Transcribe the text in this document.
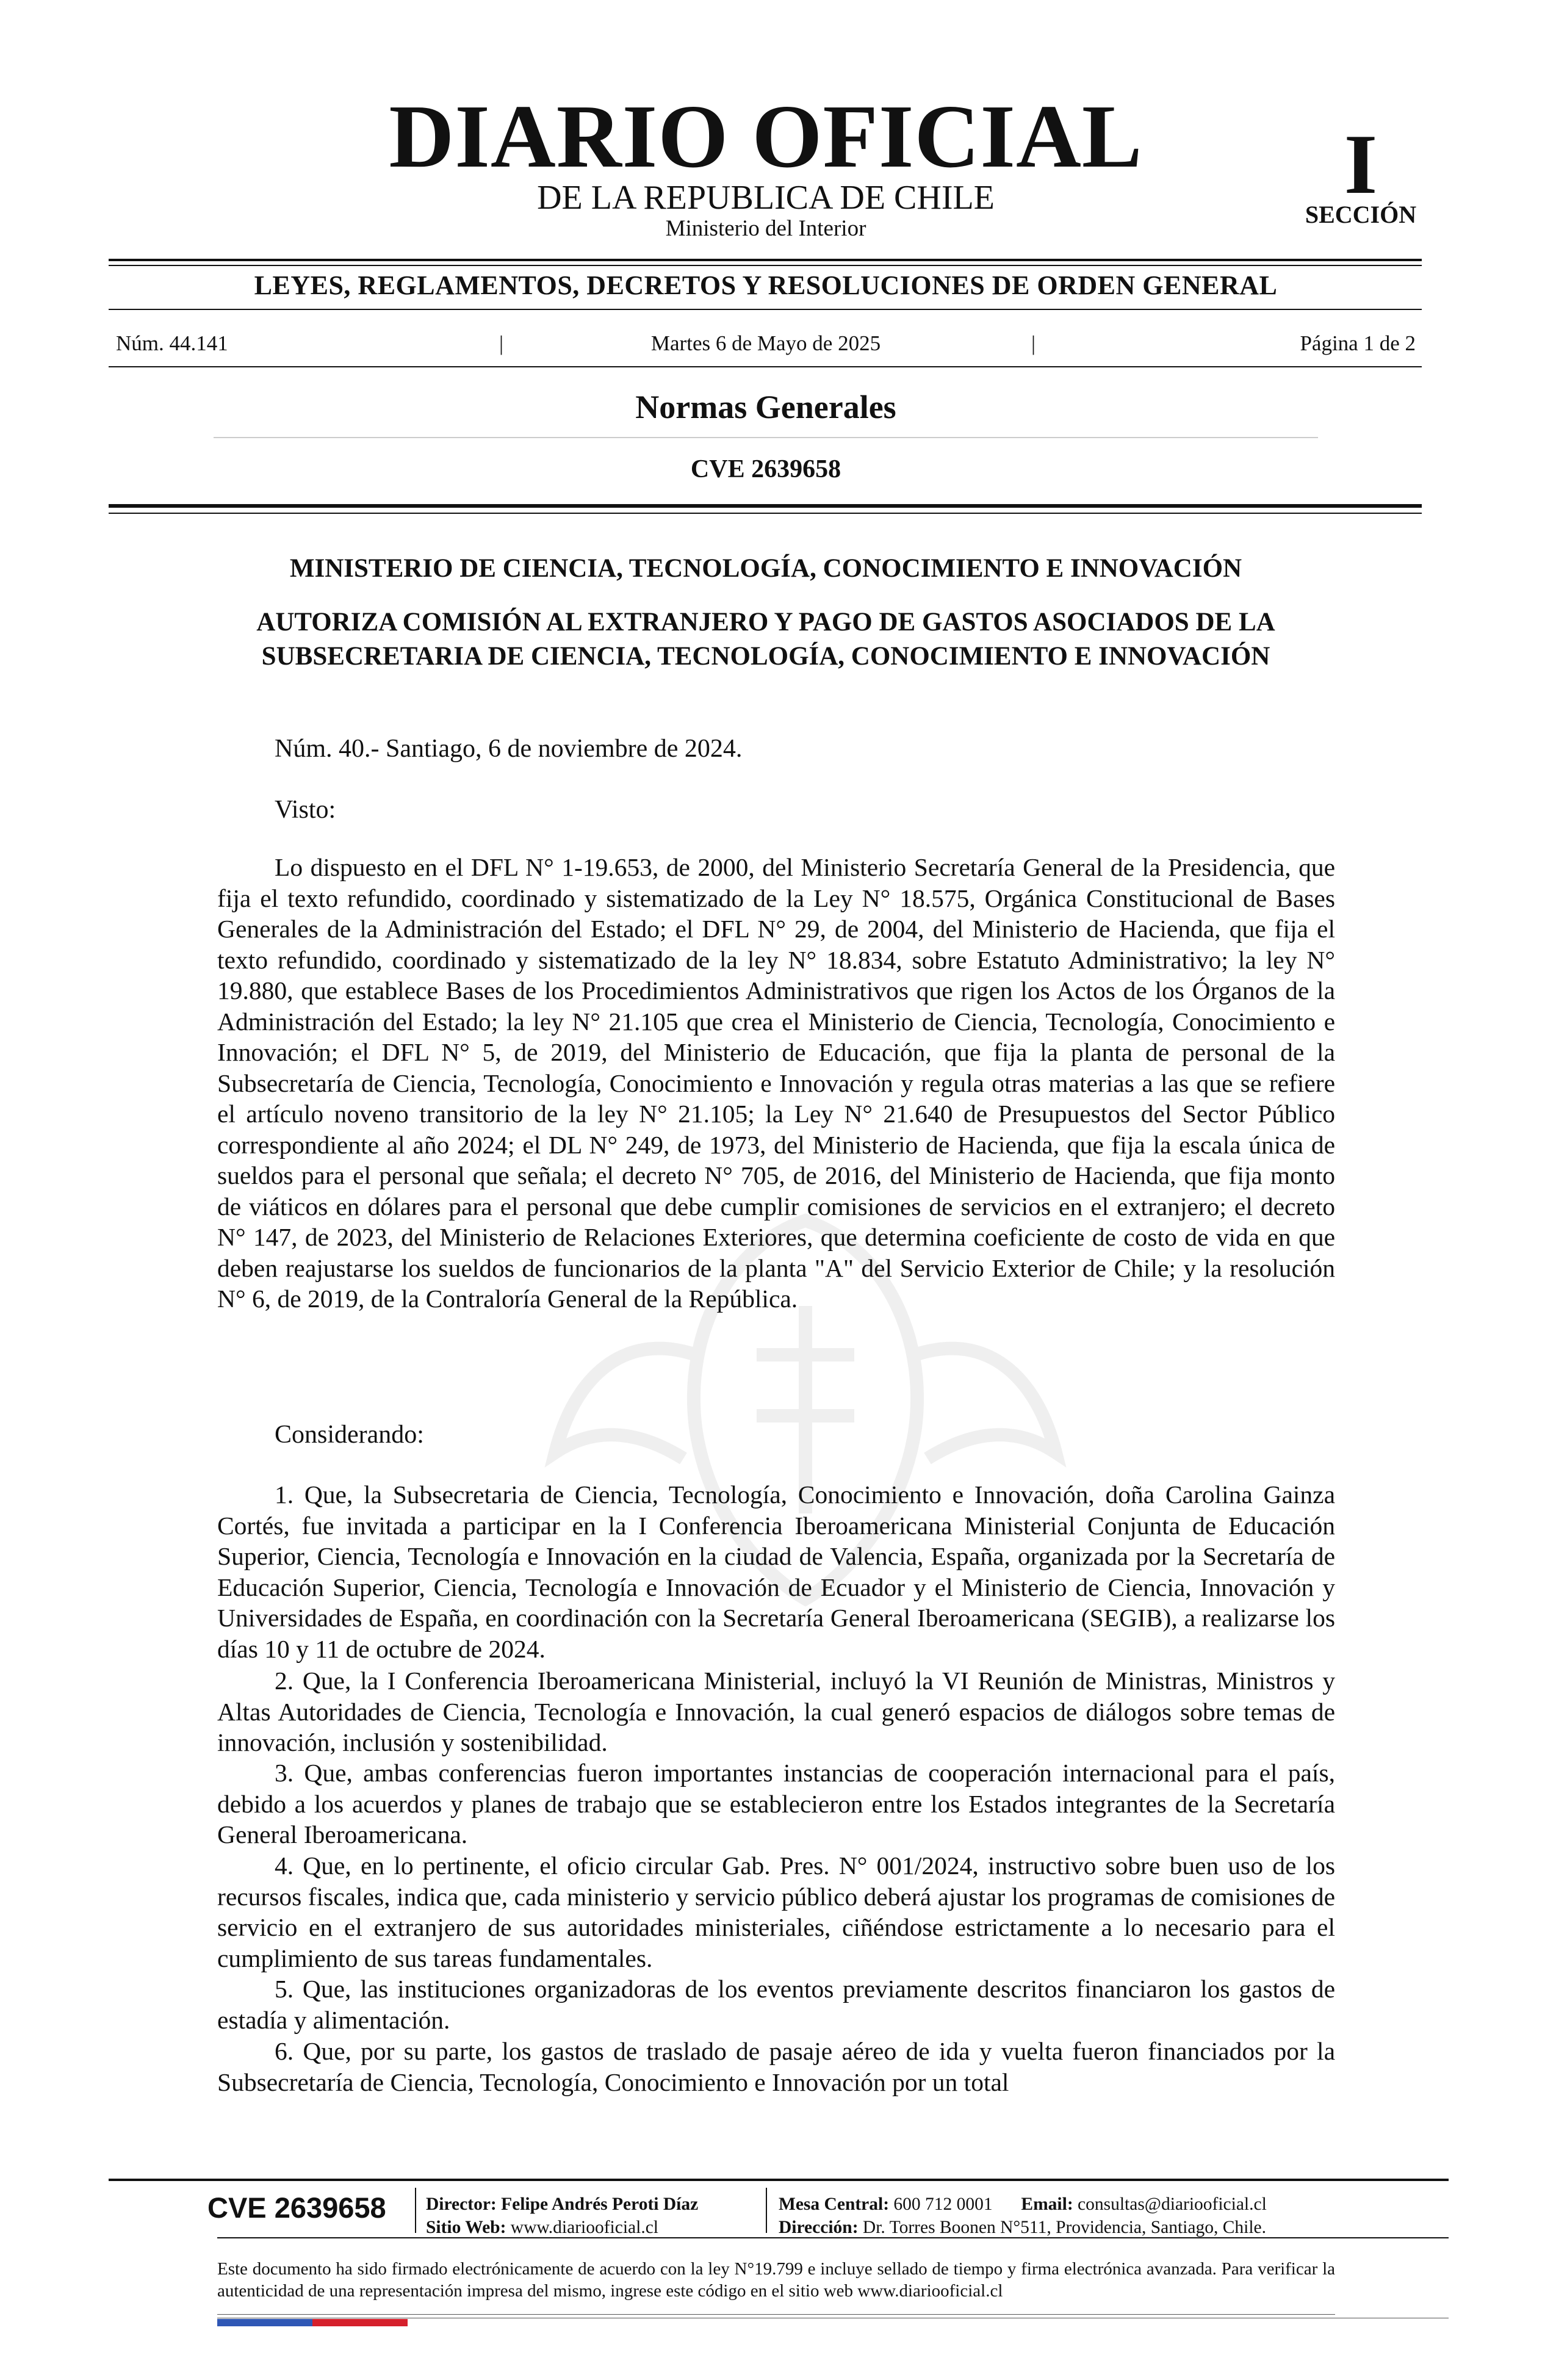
DIARIO OFICIAL
DE LA REPUBLICA DE CHILE
Ministerio del Interior
I
SECCIÓN
LEYES, REGLAMENTOS, DECRETOS Y RESOLUCIONES DE ORDEN GENERAL
Núm. 44.141	|	Martes 6 de Mayo de 2025	|	Página 1 de 2
Normas Generales
CVE 2639658
MINISTERIO DE CIENCIA, TECNOLOGÍA, CONOCIMIENTO E INNOVACIÓN
AUTORIZA COMISIÓN AL EXTRANJERO Y PAGO DE GASTOS ASOCIADOS DE LA SUBSECRETARIA DE CIENCIA, TECNOLOGÍA, CONOCIMIENTO E INNOVACIÓN
Núm. 40.- Santiago, 6 de noviembre de 2024.
Visto:

Lo dispuesto en el DFL N° 1-19.653, de 2000, del Ministerio Secretaría General de la Presidencia, que fija el texto refundido, coordinado y sistematizado de la Ley N° 18.575, Orgánica Constitucional de Bases Generales de la Administración del Estado; el DFL N° 29, de 2004, del Ministerio de Hacienda, que fija el texto refundido, coordinado y sistematizado de la ley N° 18.834, sobre Estatuto Administrativo; la ley N° 19.880, que establece Bases de los Procedimientos Administrativos que rigen los Actos de los Órganos de la Administración del Estado; la ley N° 21.105 que crea el Ministerio de Ciencia, Tecnología, Conocimiento e Innovación; el DFL N° 5, de 2019, del Ministerio de Educación, que fija la planta de personal de la Subsecretaría de Ciencia, Tecnología, Conocimiento e Innovación y regula otras materias a las que se refiere el artículo noveno transitorio de la ley N° 21.105; la Ley N° 21.640 de Presupuestos del Sector Público correspondiente al año 2024; el DL N° 249, de 1973, del Ministerio de Hacienda, que fija la escala única de sueldos para el personal que señala; el decreto N° 705, de 2016, del Ministerio de Hacienda, que fija monto de viáticos en dólares para el personal que debe cumplir comisiones de servicios en el extranjero; el decreto N° 147, de 2023, del Ministerio de Relaciones Exteriores, que determina coeficiente de costo de vida en que deben reajustarse los sueldos de funcionarios de la planta "A" del Servicio Exterior de Chile; y la resolución N° 6, de 2019, de la Contraloría General de la República.

Considerando:

1. Que, la Subsecretaria de Ciencia, Tecnología, Conocimiento e Innovación, doña Carolina Gainza Cortés, fue invitada a participar en la I Conferencia Iberoamericana Ministerial Conjunta de Educación Superior, Ciencia, Tecnología e Innovación en la ciudad de Valencia, España, organizada por la Secretaría de Educación Superior, Ciencia, Tecnología e Innovación de Ecuador y el Ministerio de Ciencia, Innovación y Universidades de España, en coordinación con la Secretaría General Iberoamericana (SEGIB), a realizarse los días 10 y 11 de octubre de 2024.

2. Que, la I Conferencia Iberoamericana Ministerial, incluyó la VI Reunión de Ministras, Ministros y Altas Autoridades de Ciencia, Tecnología e Innovación, la cual generó espacios de diálogos sobre temas de innovación, inclusión y sostenibilidad.

3. Que, ambas conferencias fueron importantes instancias de cooperación internacional para el país, debido a los acuerdos y planes de trabajo que se establecieron entre los Estados integrantes de la Secretaría General Iberoamericana.

4. Que, en lo pertinente, el oficio circular Gab. Pres. N° 001/2024, instructivo sobre buen uso de los recursos fiscales, indica que, cada ministerio y servicio público deberá ajustar los programas de comisiones de servicio en el extranjero de sus autoridades ministeriales, ciñéndose estrictamente a lo necesario para el cumplimiento de sus tareas fundamentales.

5. Que, las instituciones organizadoras de los eventos previamente descritos financiaron los gastos de estadía y alimentación.

6. Que, por su parte, los gastos de traslado de pasaje aéreo de ida y vuelta fueron financiados por la Subsecretaría de Ciencia, Tecnología, Conocimiento e Innovación por un total

CVE 2639658 Director: Felipe Andrés Peroti Díaz
Sitio Web: www.diariooficial.cl
Mesa Central: 600 712 0001 Email: consultas@diariooficial.cl
Dirección: Dr. Torres Boonen N°511, Providencia, Santiago, Chile.

Este documento ha sido firmado electrónicamente de acuerdo con la ley N°19.799 e incluye sellado de tiempo y firma electrónica avanzada. Para verificar la autenticidad de una representación impresa del mismo, ingrese este código en el sitio web www.diariooficial.cl
